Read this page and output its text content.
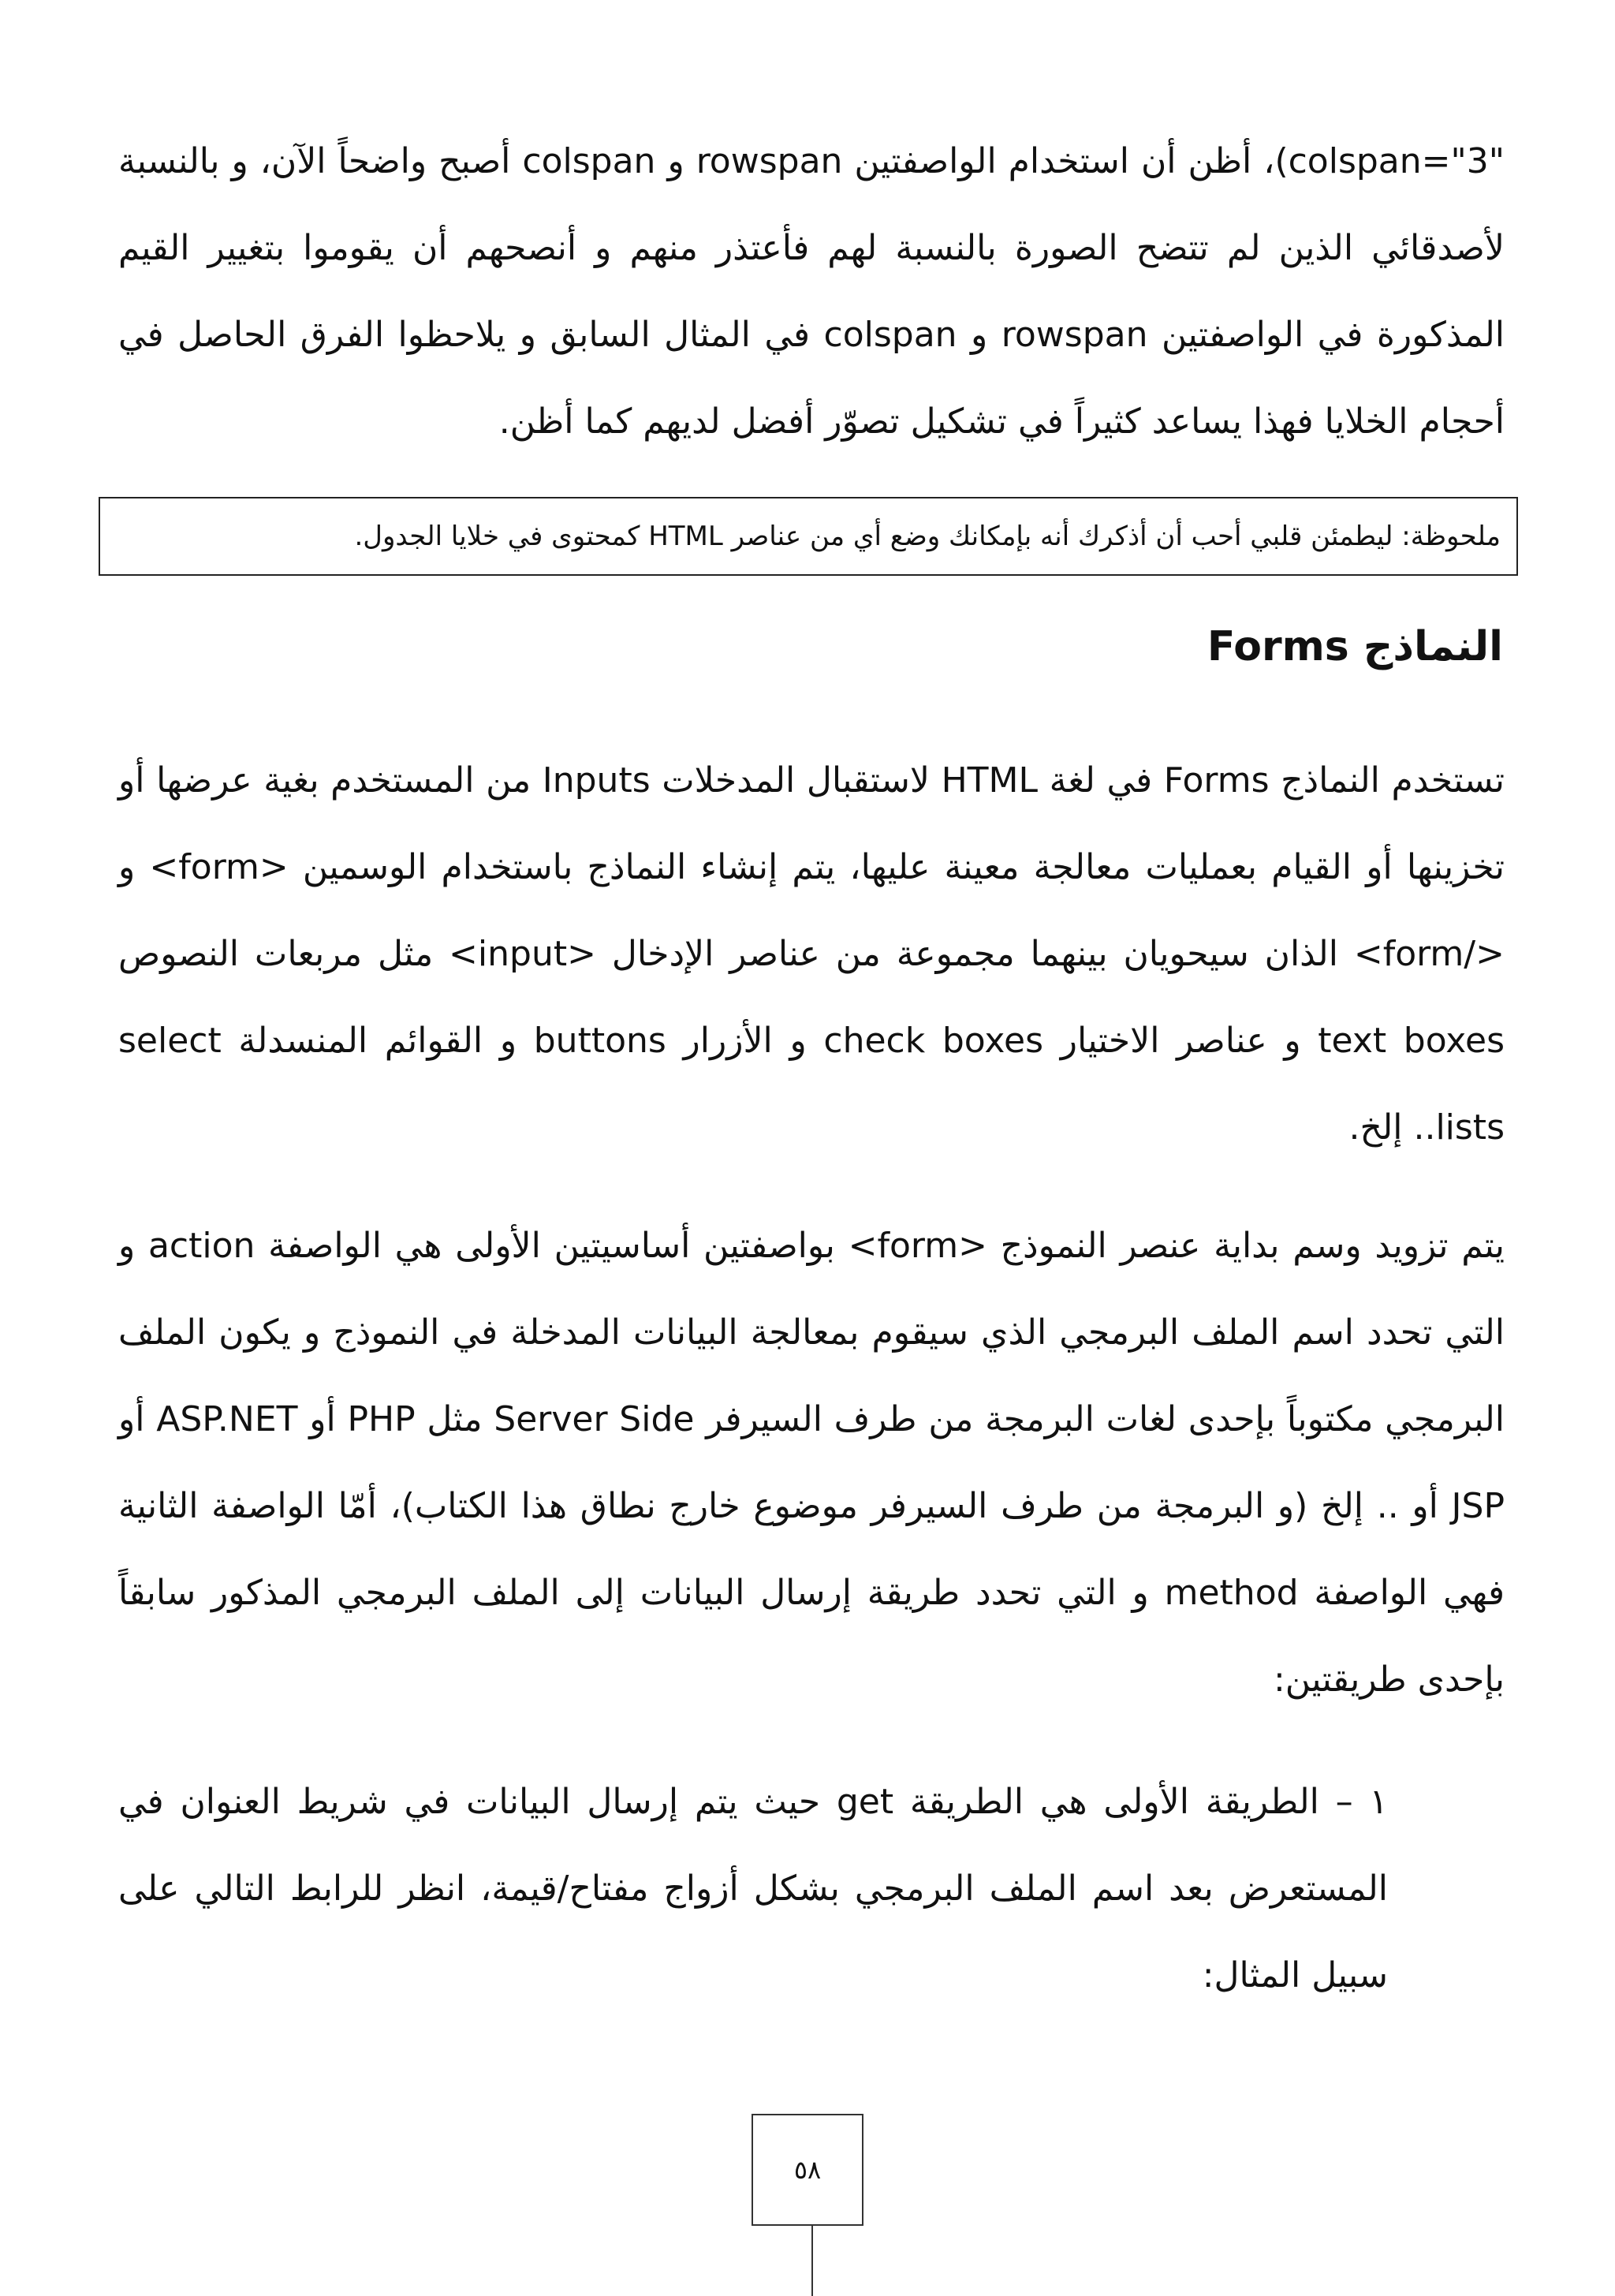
"colspan="3)، أظن أن استخدام الواصفتين rowspan و colspan أصبح واضحاً الآن، و بالنسبة لأصدقائي الذين لم تتضح الصورة بالنسبة لهم فأعتذر منهم و أنصحهم أن يقوموا بتغيير القيم المذكورة في الواصفتين rowspan و colspan في المثال السابق و يلاحظوا الفرق الحاصل في أحجام الخلايا فهذا يساعد كثيراً في تشكيل تصوّر أفضل لديهم كما أظن.

ملحوظة: ليطمئن قلبي أحب أن أذكرك أنه بإمكانك وضع أي من عناصر HTML كمحتوى في خلايا الجدول.
النماذج Forms

تستخدم النماذج Forms في لغة HTML لاستقبال المدخلات Inputs من المستخدم بغية عرضها أو تخزينها أو القيام بعمليات معالجة معينة عليها، يتم إنشاء النماذج باستخدام الوسمين <form> و </form> الذان سيحويان بينهما مجموعة من عناصر الإدخال <input> مثل مربعات النصوص text boxes و عناصر الاختيار check boxes و الأزرار buttons و القوائم المنسدلة select lists.. إلخ.

يتم تزويد وسم بداية عنصر النموذج <form> بواصفتين أساسيتين الأولى هي الواصفة action و التي تحدد اسم الملف البرمجي الذي سيقوم بمعالجة البيانات المدخلة في النموذج و يكون الملف البرمجي مكتوباً بإحدى لغات البرمجة من طرف السيرفر Server Side مثل PHP أو ASP.NET أو JSP أو .. إلخ (و البرمجة من طرف السيرفر موضوع خارج نطاق هذا الكتاب)، أمّا الواصفة الثانية فهي الواصفة method و التي تحدد طريقة إرسال البيانات إلى الملف البرمجي المذكور سابقاً بإحدى طريقتين:

١ – الطريقة الأولى هي الطريقة get حيث يتم إرسال البيانات في شريط العنوان في المستعرض بعد اسم الملف البرمجي بشكل أزواج مفتاح/قيمة، انظر للرابط التالي على سبيل المثال:

٥٨
